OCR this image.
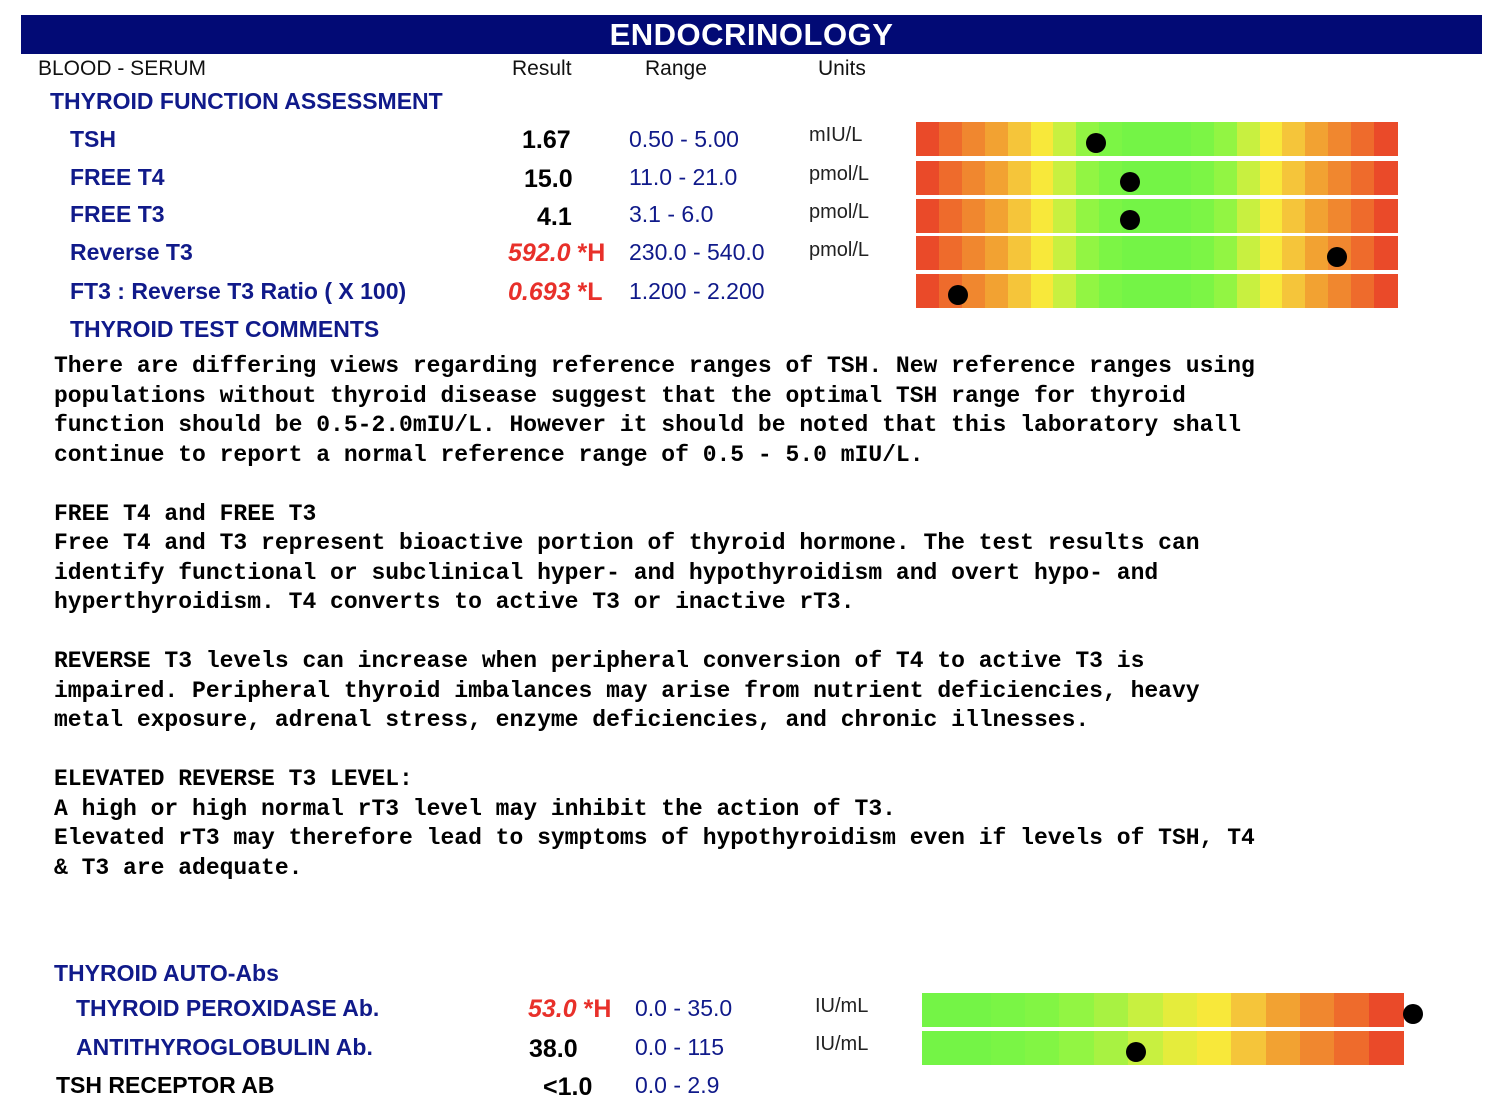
ENDOCRINOLOGY
BLOOD - SERUM	Result	Range	Units
THYROID FUNCTION ASSESSMENT
TSH	1.67	0.50 - 5.00	mIU/L
FREE T4	15.0 11.0 - 21.0	pmol/L
FREE T3	4.1 3.1 - 6.0	pmol/L
Reverse T3	592.0 *H 230.0 - 540.0 pmol/L
FT3 : Reverse T3 Ratio ( X 100)	0.693 *L 1.200 - 2.200
THYROID TEST COMMENTS
There are differing views regarding reference ranges of TSH. New reference ranges using
populations without thyroid disease suggest that the optimal TSH range for thyroid
function should be 0.5-2.0mIU/L. However it should be noted that this laboratory shall
continue to report a normal reference range of 0.5 - 5.0 mIU/L.

FREE T4 and FREE T3
Free T4 and T3 represent bioactive portion of thyroid hormone. The test results can
identify functional or subclinical hyper- and hypothyroidism and overt hypo- and
hyperthyroidism. T4 converts to active T3 or inactive rT3.

REVERSE T3 levels can increase when peripheral conversion of T4 to active T3 is
impaired. Peripheral thyroid imbalances may arise from nutrient deficiencies, heavy
metal exposure, adrenal stress, enzyme deficiencies, and chronic illnesses.

ELEVATED REVERSE T3 LEVEL:
A high or high normal rT3 level may inhibit the action of T3.
Elevated rT3 may therefore lead to symptoms of hypothyroidism even if levels of TSH, T4
& T3 are adequate.
THYROID AUTO-Abs
THYROID PEROXIDASE Ab.	53.0 *H 0.0 - 35.0	IU/mL
ANTITHYROGLOBULIN Ab.	38.0 0.0 - 115	IU/mL
TSH RECEPTOR AB	<1.0 0.0 - 2.9
